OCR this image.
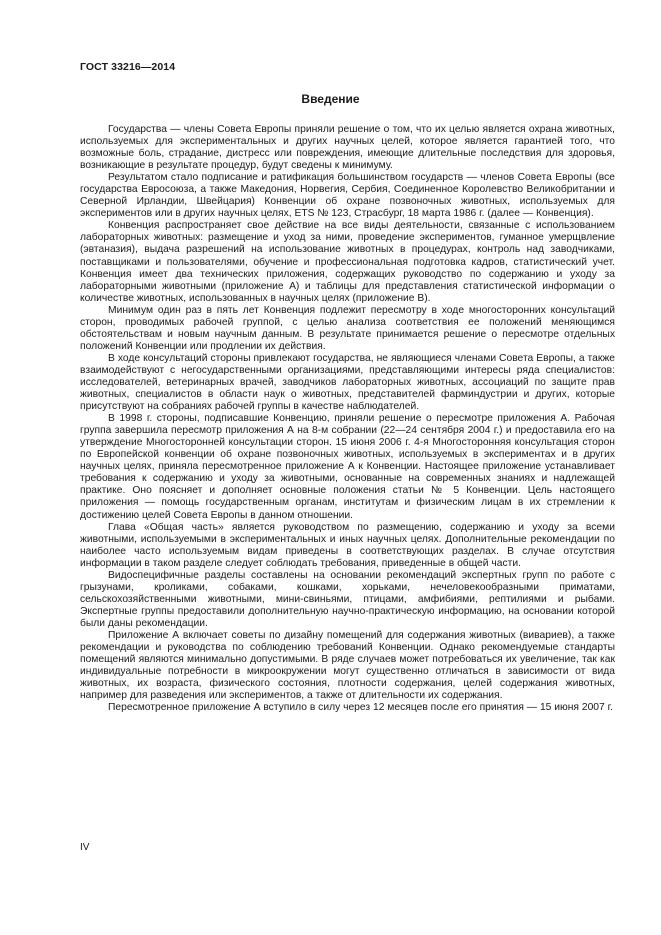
ГОСТ 33216—2014
Введение

Государства — члены Совета Европы приняли решение о том, что их целью является охрана животных, используемых для экспериментальных и других научных целей, которое является гарантией того, что возможные боль, страдание, дистресс или повреждения, имеющие длительные последствия для здоровья, возникающие в результате процедур, будут сведены к минимуму.

Результатом стало подписание и ратификация большинством государств — членов Совета Европы (все государства Евросоюза, а также Македония, Норвегия, Сербия, Соединенное Королевство Великобритании и Северной Ирландии, Швейцария) Конвенции об охране позвоночных животных, используемых для экспериментов или в других научных целях, ETS № 123, Страсбург, 18 марта 1986 г. (далее — Конвенция).

Конвенция распространяет свое действие на все виды деятельности, связанные с использованием лабораторных животных: размещение и уход за ними, проведение экспериментов, гуманное умерщвление (эвтаназия), выдача разрешений на использование животных в процедурах, контроль над заводчиками, поставщиками и пользователями, обучение и профессиональная подготовка кадров, статистический учет. Конвенция имеет два технических приложения, содержащих руководство по содержанию и уходу за лабораторными животными (приложение А) и таблицы для представления статистической информации о количестве животных, использованных в научных целях (приложение В).

Минимум один раз в пять лет Конвенция подлежит пересмотру в ходе многосторонних консультаций сторон, проводимых рабочей группой, с целью анализа соответствия ее положений меняющимся обстоятельствам и новым научным данным. В результате принимается решение о пересмотре отдельных положений Конвенции или продлении их действия.

В ходе консультаций стороны привлекают государства, не являющиеся членами Совета Европы, а также взаимодействуют с негосударственными организациями, представляющими интересы ряда специалистов: исследователей, ветеринарных врачей, заводчиков лабораторных животных, ассоциаций по защите прав животных, специалистов в области наук о животных, представителей фарминдустрии и других, которые присутствуют на собраниях рабочей группы в качестве наблюдателей.

В 1998 г. стороны, подписавшие Конвенцию, приняли решение о пересмотре приложения А. Рабочая группа завершила пересмотр приложения А на 8-м собрании (22—24 сентября 2004 г.) и предоставила его на утверждение Многосторонней консультации сторон. 15 июня 2006 г. 4-я Многосторонняя консультация сторон по Европейской конвенции об охране позвоночных животных, используемых в экспериментах и в других научных целях, приняла пересмотренное приложение А к Конвенции. Настоящее приложение устанавливает требования к содержанию и уходу за животными, основанные на современных знаниях и надлежащей практике. Оно поясняет и дополняет основные положения статьи № 5 Конвенции. Цель настоящего приложения — помощь государственным органам, институтам и физическим лицам в их стремлении к достижению целей Совета Европы в данном отношении.

Глава «Общая часть» является руководством по размещению, содержанию и уходу за всеми животными, используемыми в экспериментальных и иных научных целях. Дополнительные рекомендации по наиболее часто используемым видам приведены в соответствующих разделах. В случае отсутствия информации в таком разделе следует соблюдать требования, приведенные в общей части.

Видоспецифичные разделы составлены на основании рекомендаций экспертных групп по работе с грызунами, кроликами, собаками, кошками, хорьками, нечеловекообразными приматами, сельскохозяйственными животными, мини-свиньями, птицами, амфибиями, рептилиями и рыбами. Экспертные группы предоставили дополнительную научно-практическую информацию, на основании которой были даны рекомендации.

Приложение А включает советы по дизайну помещений для содержания животных (вивариев), а также рекомендации и руководства по соблюдению требований Конвенции. Однако рекомендуемые стандарты помещений являются минимально допустимыми. В ряде случаев может потребоваться их увеличение, так как индивидуальные потребности в микроокружении могут существенно отличаться в зависимости от вида животных, их возраста, физического состояния, плотности содержания, целей содержания животных, например для разведения или экспериментов, а также от длительности их содержания.

Пересмотренное приложение А вступило в силу через 12 месяцев после его принятия — 15 июня 2007 г.

IV
